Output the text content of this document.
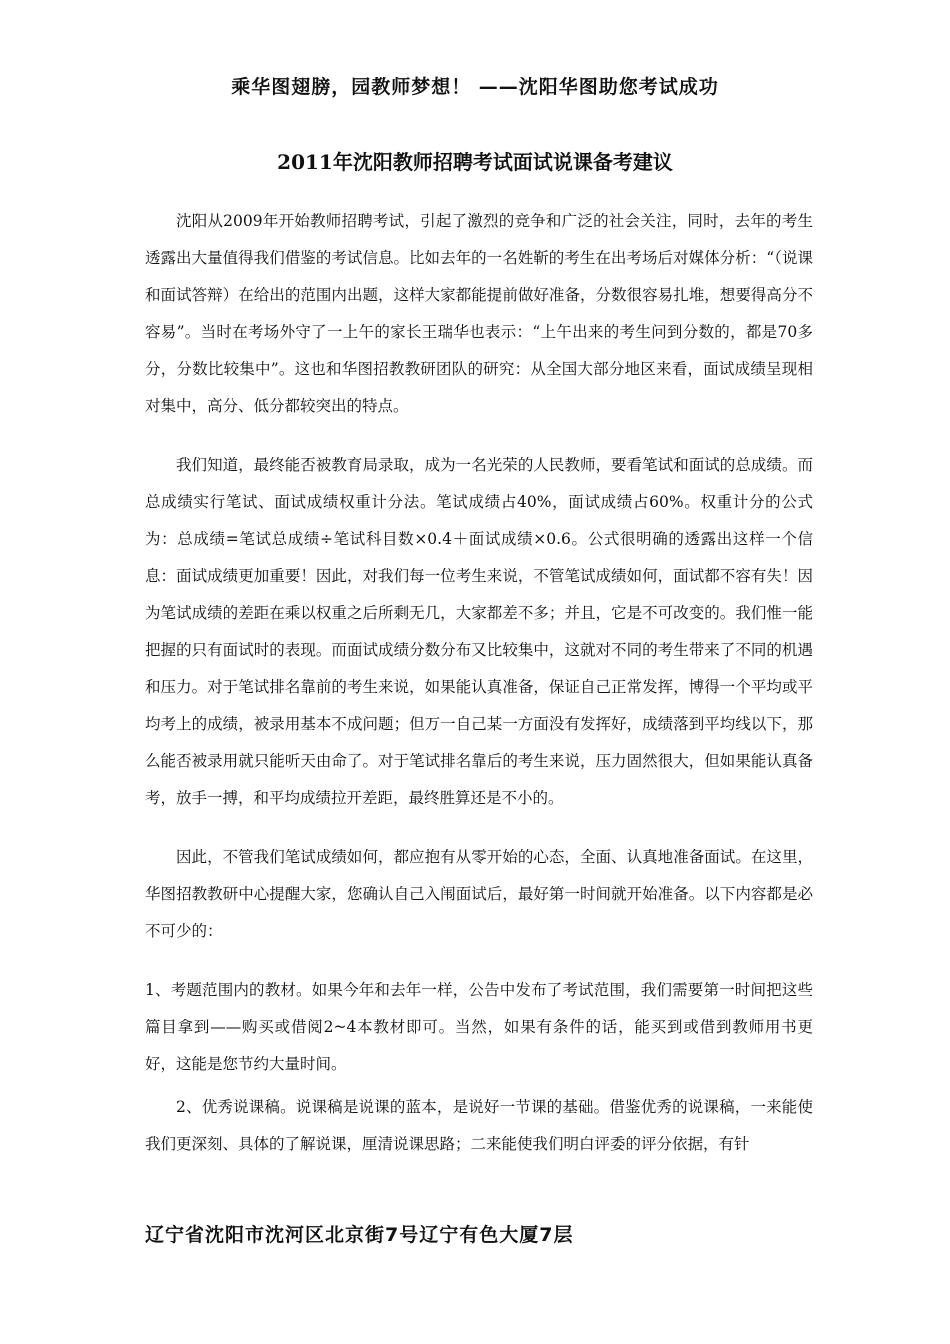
乘华图翅膀，园教师梦想！ ——沈阳华图助您考试成功
2011年沈阳教师招聘考试面试说课备考建议

沈阳从2009年开始教师招聘考试，引起了激烈的竞争和广泛的社会关注，同时，去年的考生透露出大量值得我们借鉴的考试信息。比如去年的一名姓靳的考生在出考场后对媒体分析：“（说课和面试答辩）在给出的范围内出题，这样大家都能提前做好准备，分数很容易扎堆，想要得高分不容易”。当时在考场外守了一上午的家长王瑞华也表示：“上午出来的考生问到分数的，都是70多分，分数比较集中”。这也和华图招教教研团队的研究：从全国大部分地区来看，面试成绩呈现相对集中，高分、低分都较突出的特点。

我们知道，最终能否被教育局录取，成为一名光荣的人民教师，要看笔试和面试的总成绩。而总成绩实行笔试、面试成绩权重计分法。笔试成绩占40%，面试成绩占60%。权重计分的公式为：总成绩=笔试总成绩÷笔试科目数×0.4＋面试成绩×0.6。公式很明确的透露出这样一个信息：面试成绩更加重要！因此，对我们每一位考生来说，不管笔试成绩如何，面试都不容有失！因为笔试成绩的差距在乘以权重之后所剩无几，大家都差不多；并且，它是不可改变的。我们惟一能把握的只有面试时的表现。而面试成绩分数分布又比较集中，这就对不同的考生带来了不同的机遇和压力。对于笔试排名靠前的考生来说，如果能认真准备，保证自己正常发挥，博得一个平均或平均考上的成绩，被录用基本不成问题；但万一自己某一方面没有发挥好，成绩落到平均线以下，那么能否被录用就只能听天由命了。对于笔试排名靠后的考生来说，压力固然很大，但如果能认真备考，放手一搏，和平均成绩拉开差距，最终胜算还是不小的。

因此，不管我们笔试成绩如何，都应抱有从零开始的心态，全面、认真地准备面试。在这里，华图招教教研中心提醒大家，您确认自己入闱面试后，最好第一时间就开始准备。以下内容都是必不可少的：

1、考题范围内的教材。如果今年和去年一样，公告中发布了考试范围，我们需要第一时间把这些篇目拿到——购买或借阅2~4本教材即可。当然，如果有条件的话，能买到或借到教师用书更好，这能是您节约大量时间。

2、优秀说课稿。说课稿是说课的蓝本，是说好一节课的基础。借鉴优秀的说课稿，一来能使我们更深刻、具体的了解说课，厘清说课思路；二来能使我们明白评委的评分依据，有针

辽宁省沈阳市沈河区北京街7号辽宁有色大厦7层
